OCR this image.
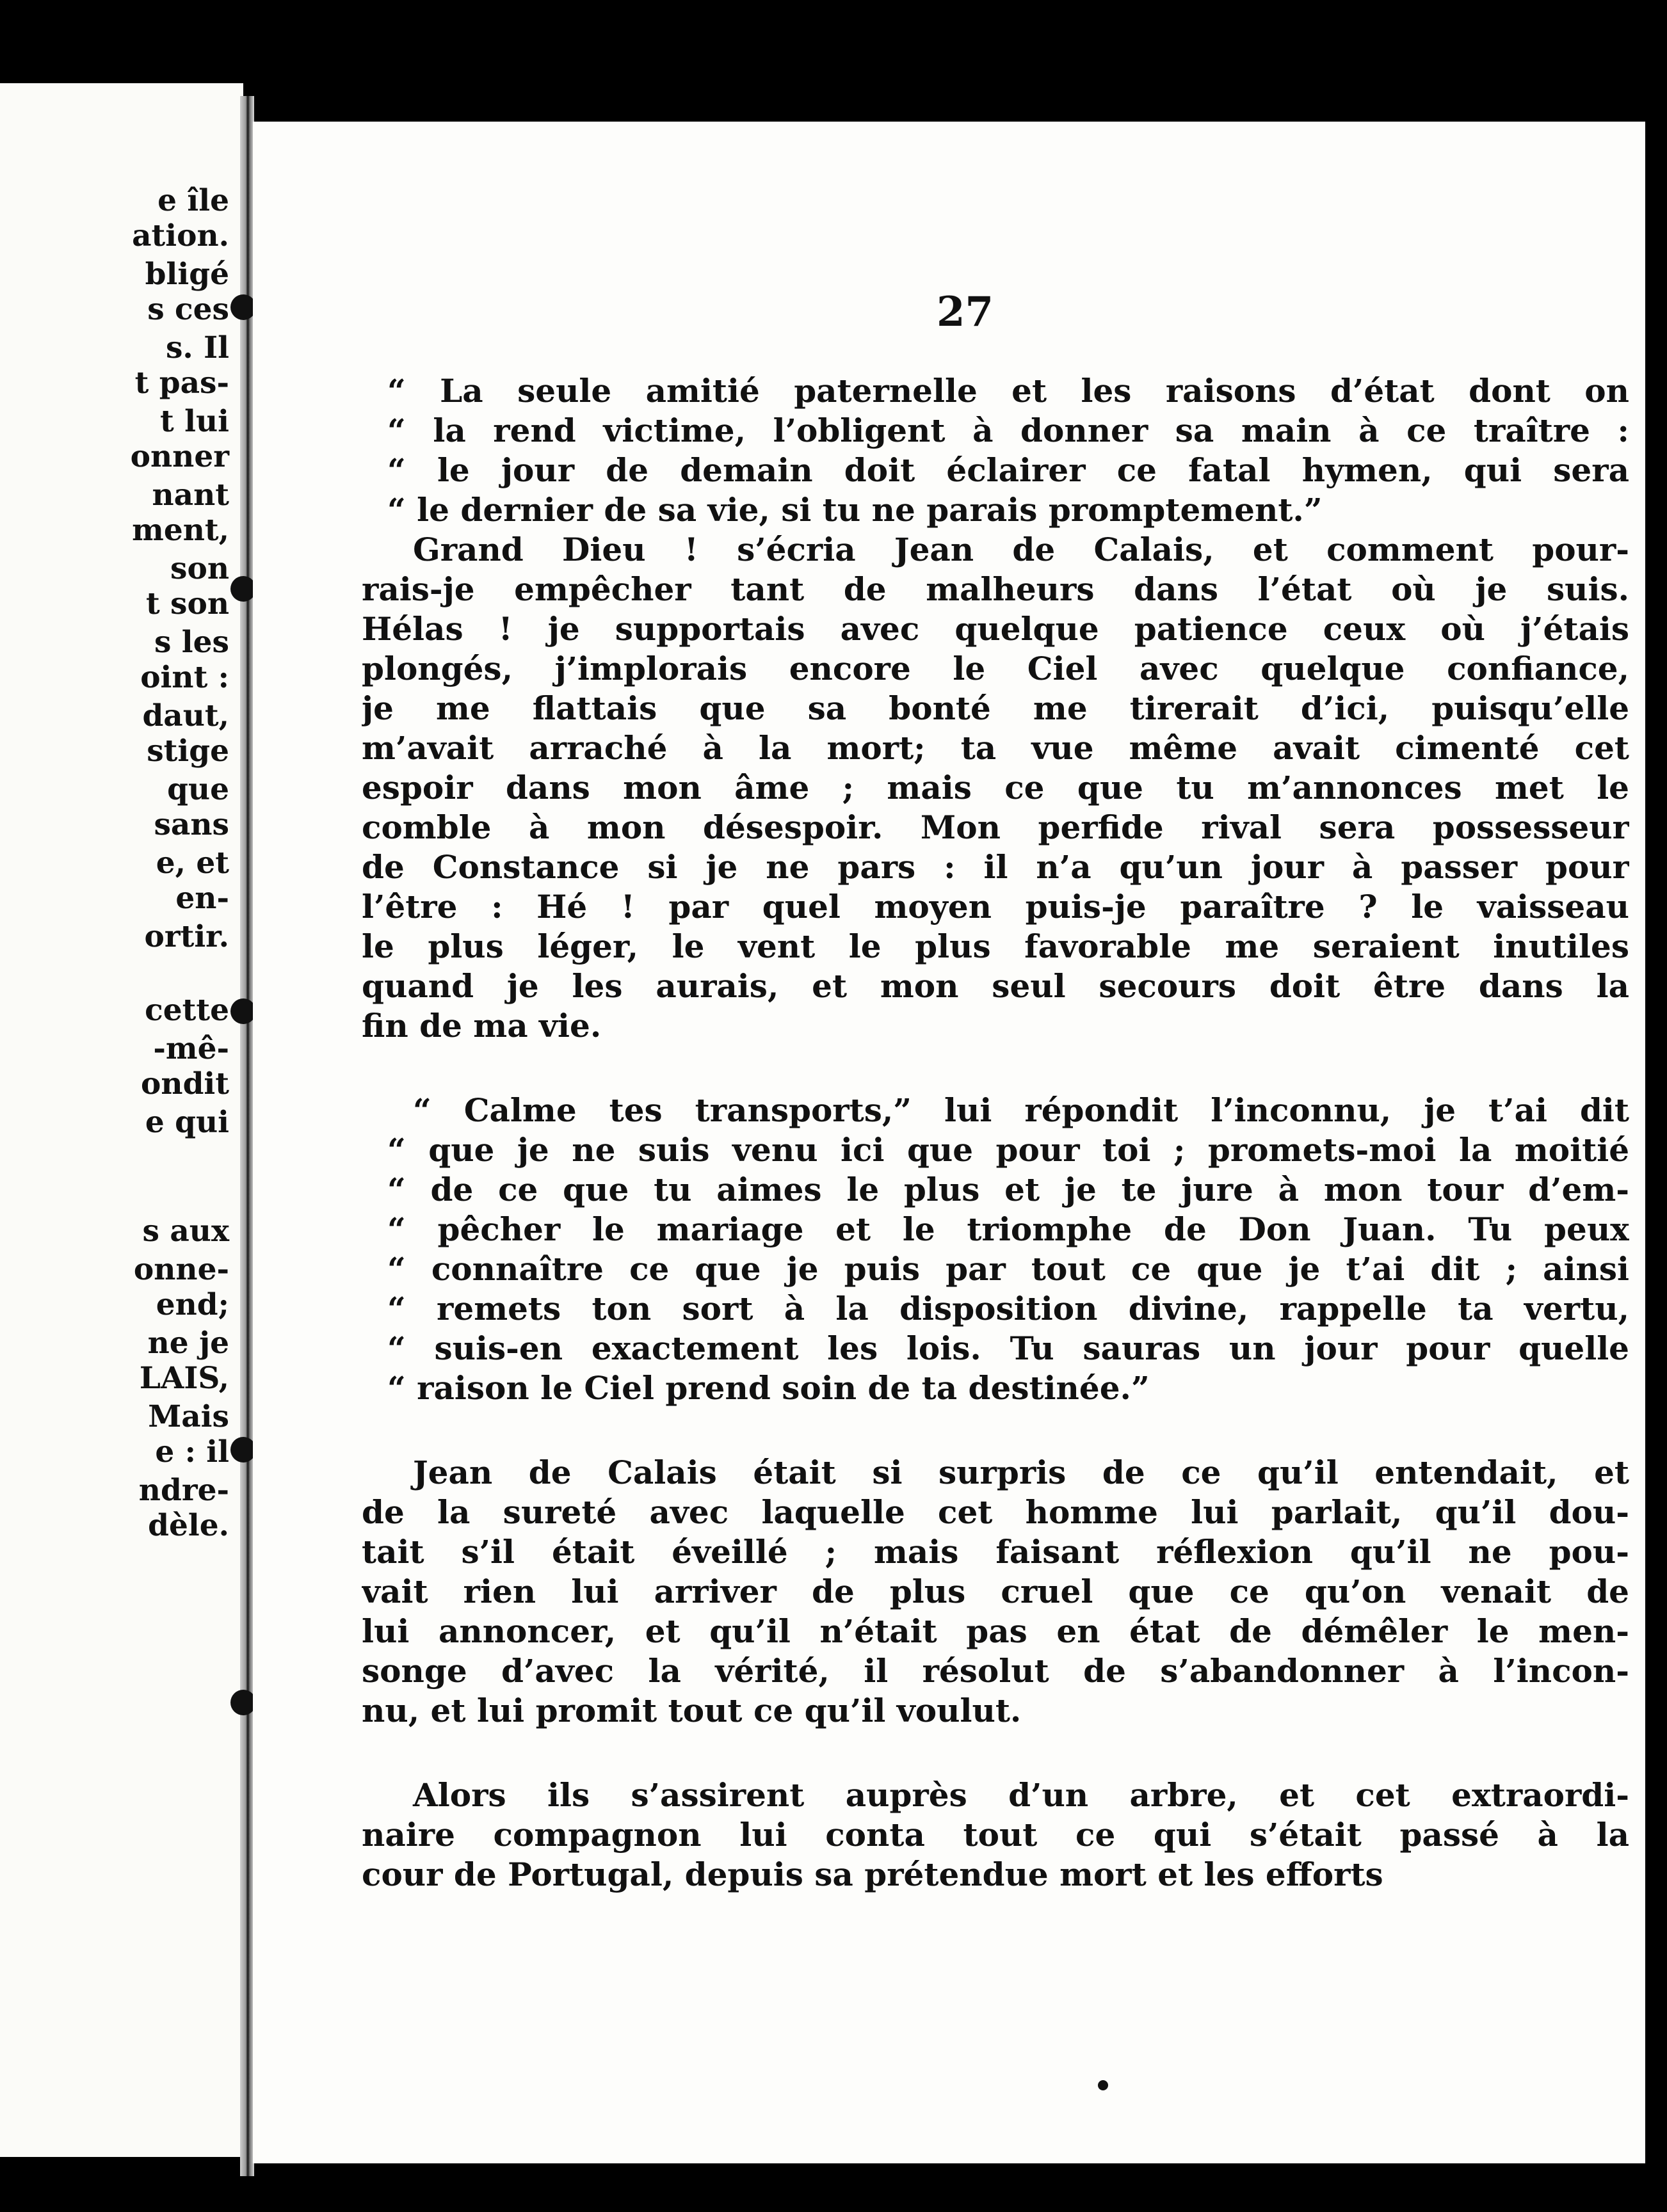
e île
ation.
bligé
s ces
s. Il
t pas-
t lui
onner
nant
ment,
son
t son
s les
oint :
daut,
stige
que
sans
e, et
en-
ortir.
cette
-mê-
ondit
e qui
s aux
onne-
end;
ne je
LAIS,
Mais
e : il
ndre-
dèle.
27
“ La seule amitié paternelle et les raisons d’état dont on
“ la rend victime, l’obligent à donner sa main à ce traître :
“ le jour de demain doit éclairer ce fatal hymen, qui sera
“ le dernier de sa vie, si tu ne parais promptement.”
Grand Dieu ! s’écria Jean de Calais, et comment pour-
rais-je empêcher tant de malheurs dans l’état où je suis.
Hélas ! je supportais avec quelque patience ceux où j’étais
plongés, j’implorais encore le Ciel avec quelque confiance,
je me flattais que sa bonté me tirerait d’ici, puisqu’elle
m’avait arraché à la mort; ta vue même avait cimenté cet
espoir dans mon âme ; mais ce que tu m’annonces met le
comble à mon désespoir. Mon perfide rival sera possesseur
de Constance si je ne pars : il n’a qu’un jour à passer pour
l’être : Hé ! par quel moyen puis-je paraître ? le vaisseau
le plus léger, le vent le plus favorable me seraient inutiles
quand je les aurais, et mon seul secours doit être dans la
fin de ma vie.
“ Calme tes transports,” lui répondit l’inconnu, je t’ai dit
“ que je ne suis venu ici que pour toi ; promets-moi la moitié
“ de ce que tu aimes le plus et je te jure à mon tour d’em-
“ pêcher le mariage et le triomphe de Don Juan. Tu peux
“ connaître ce que je puis par tout ce que je t’ai dit ; ainsi
“ remets ton sort à la disposition divine, rappelle ta vertu,
“ suis-en exactement les lois. Tu sauras un jour pour quelle
“ raison le Ciel prend soin de ta destinée.”
Jean de Calais était si surpris de ce qu’il entendait, et
de la sureté avec laquelle cet homme lui parlait, qu’il dou-
tait s’il était éveillé ; mais faisant réflexion qu’il ne pou-
vait rien lui arriver de plus cruel que ce qu’on venait de
lui annoncer, et qu’il n’était pas en état de démêler le men-
songe d’avec la vérité, il résolut de s’abandonner à l’incon-
nu, et lui promit tout ce qu’il voulut.
Alors ils s’assirent auprès d’un arbre, et cet extraordi-
naire compagnon lui conta tout ce qui s’était passé à la
cour de Portugal, depuis sa prétendue mort et les efforts
